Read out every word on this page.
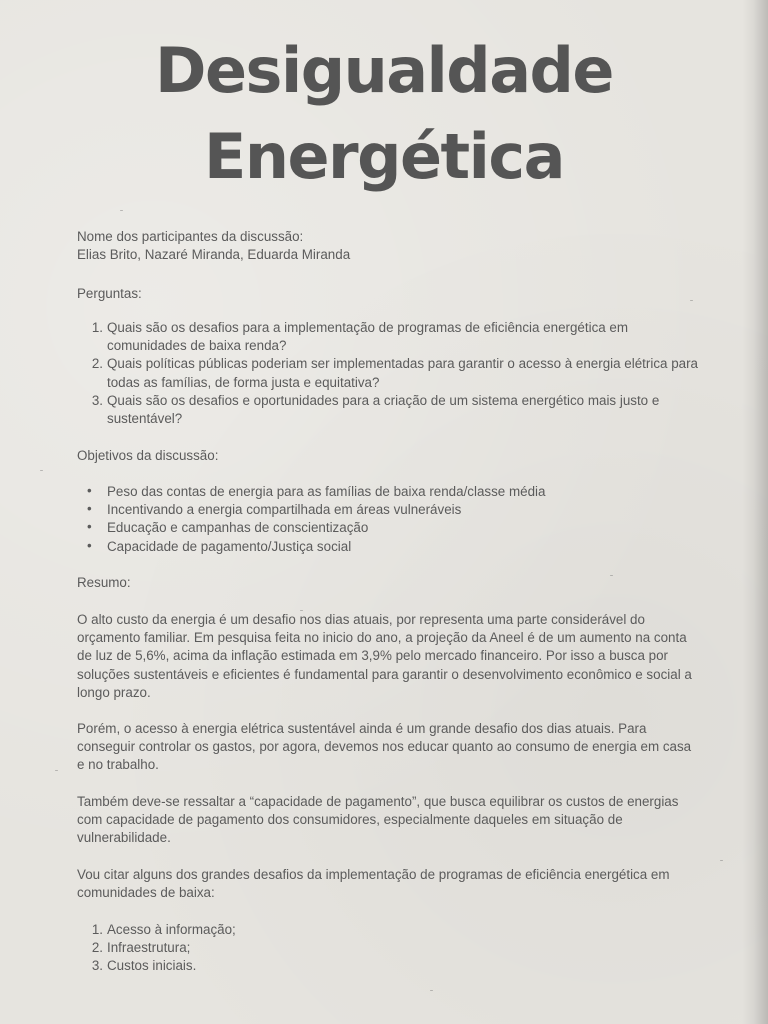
Desigualdade
Energética

Nome dos participantes da discussão:

Elias Brito, Nazaré Miranda, Eduarda Miranda

Perguntas:
1. Quais são os desafios para a implementação de programas de eficiência energética em comunidades de baixa renda?
2. Quais políticas públicas poderiam ser implementadas para garantir o acesso à energia elétrica para todas as famílias, de forma justa e equitativa?
3. Quais são os desafios e oportunidades para a criação de um sistema energético mais justo e sustentável?
Objetivos da discussão:
•	Peso das contas de energia para as famílias de baixa renda/classe média
•	Incentivando a energia compartilhada em áreas vulneráveis
•	Educação e campanhas de conscientização
•	Capacidade de pagamento/Justiça social
Resumo:

O alto custo da energia é um desafio nos dias atuais, por representa uma parte considerável do orçamento familiar. Em pesquisa feita no inicio do ano, a projeção da Aneel é de um aumento na conta de luz de 5,6%, acima da inflação estimada em 3,9% pelo mercado financeiro. Por isso a busca por soluções sustentáveis e eficientes é fundamental para garantir o desenvolvimento econômico e social a longo prazo.

Porém, o acesso à energia elétrica sustentável ainda é um grande desafio dos dias atuais. Para conseguir controlar os gastos, por agora, devemos nos educar quanto ao consumo de energia em casa e no trabalho.

Também deve-se ressaltar a “capacidade de pagamento”, que busca equilibrar os custos de energias com capacidade de pagamento dos consumidores, especialmente daqueles em situação de vulnerabilidade.

Vou citar alguns dos grandes desafios da implementação de programas de eficiência energética em comunidades de baixa:

1. Acesso à informação;
2. Infraestrutura;
3. Custos iniciais.
